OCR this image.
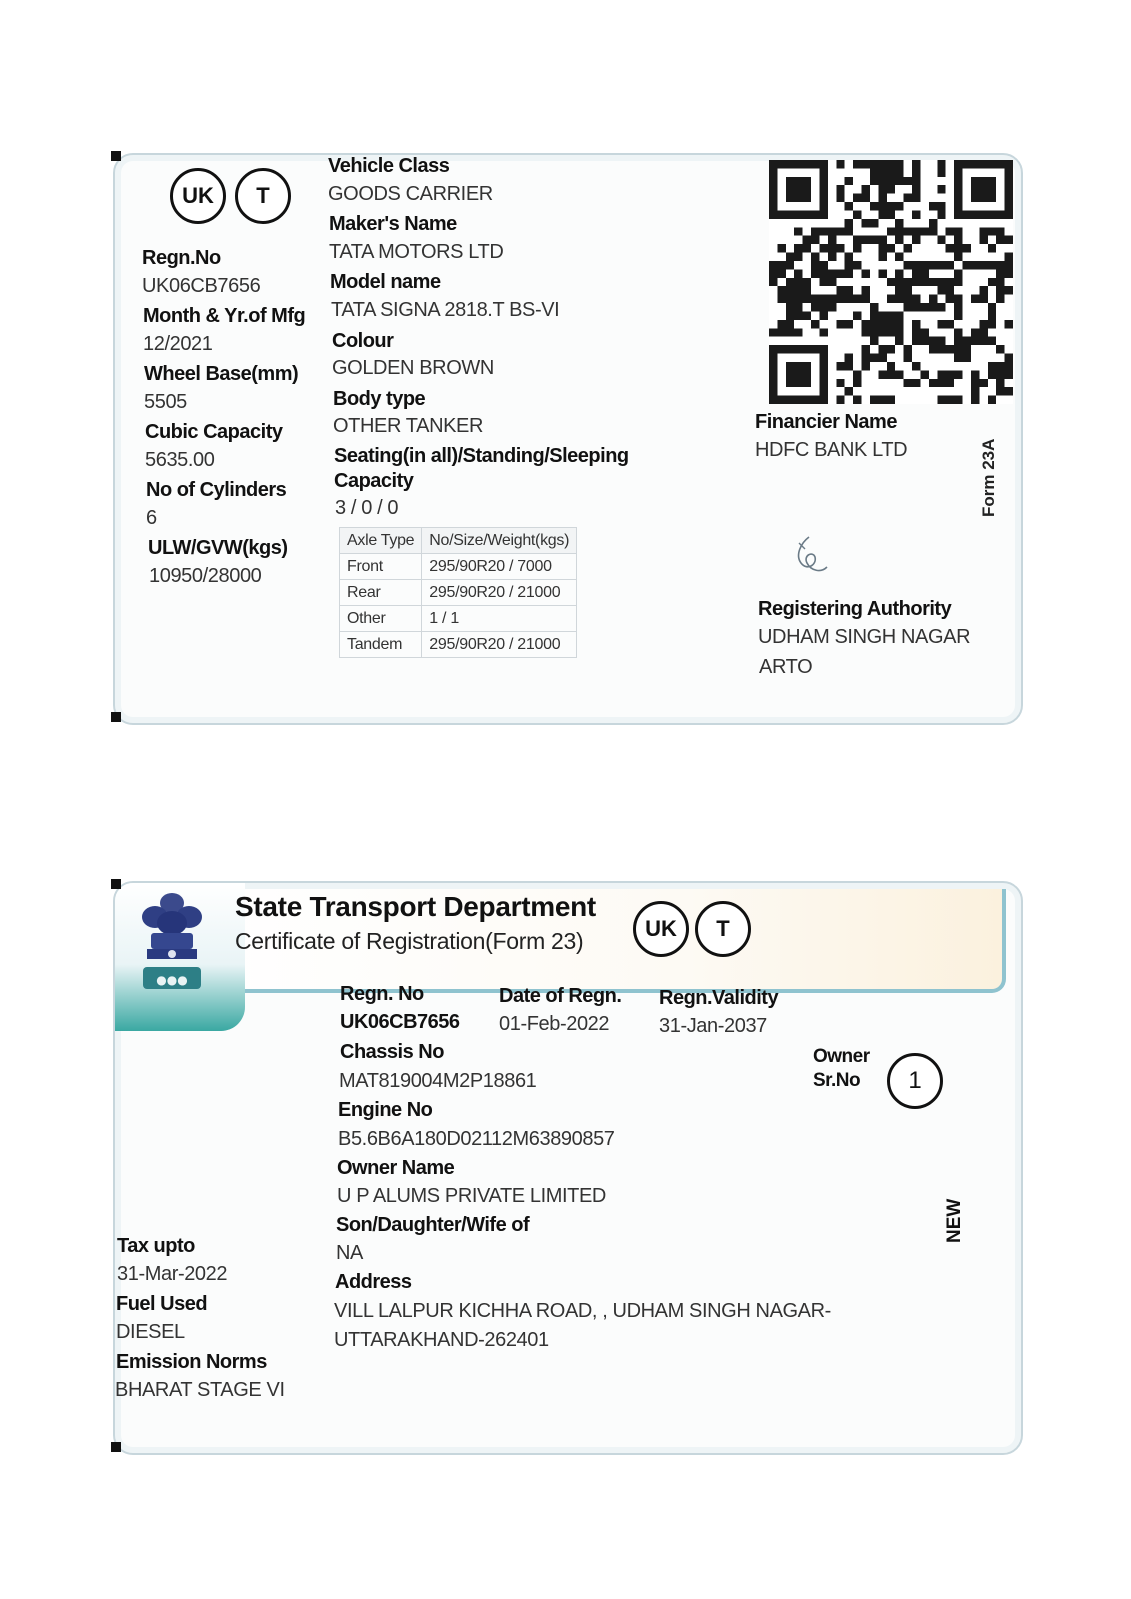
UK	T
Regn.No
UK06CB7656
Month & Yr.of Mfg
12/2021
Wheel Base(mm)
5505
Cubic Capacity
5635.00
No of Cylinders
6
ULW/GVW(kgs)
10950/28000
Vehicle Class
GOODS CARRIER
Maker's Name
TATA MOTORS LTD
Model name
TATA SIGNA 2818.T BS-VI
Colour
GOLDEN BROWN
Body type
OTHER TANKER
Seating(in all)/Standing/Sleeping
Capacity
3 / 0 / 0
Axle Type	No/Size/Weight(kgs)
Front	295/90R20 / 7000
Rear	295/90R20 / 21000
Other	1 / 1
Tandem	295/90R20 / 21000
Financier Name
HDFC BANK LTD
Registering Authority
UDHAM SINGH NAGAR
ARTO
Form 23A
●●●
State Transport Department
Certificate of Registration(Form 23)	UK	T
Regn. No
UK06CB7656
Date of Regn.
01-Feb-2022
Regn.Validity
31-Jan-2037
Chassis No
MAT819004M2P18861
Engine No
B5.6B6A180D02112M63890857
Owner Name
U P ALUMS PRIVATE LIMITED
Son/Daughter/Wife of
NA
Address
VILL LALPUR KICHHA ROAD, , UDHAM SINGH NAGAR-
UTTARAKHAND-262401
Owner
Sr.No	1
NEW
Tax upto
31-Mar-2022
Fuel Used
DIESEL
Emission Norms
BHARAT STAGE VI
